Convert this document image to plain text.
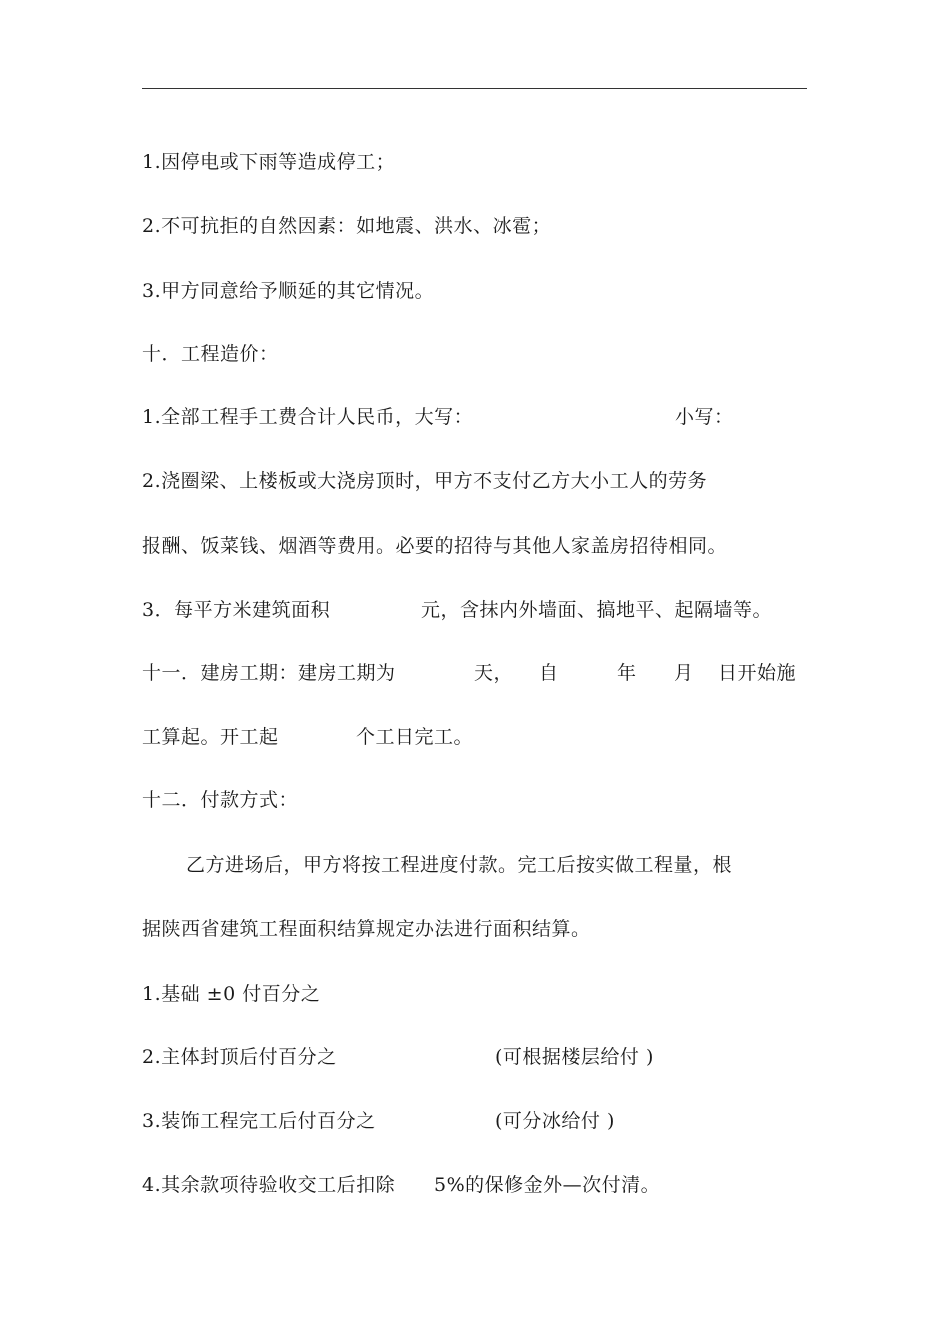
1.因停电或下雨等造成停工；
2.不可抗拒的自然因素：如地震、洪水、冰雹；
3.甲方同意给予顺延的其它情况。
十．工程造价：
1.全部工程手工费合计人民币，大写：	小写：
2.浇圈梁、上楼板或大浇房顶时，甲方不支付乙方大小工人的劳务
报酬、饭菜钱、烟酒等费用。必要的招待与其他人家盖房招待相同。
3．每平方米建筑面积	元，含抹内外墙面、搞地平、起隔墙等。
十一．建房工期：建房工期为	天， 自	年 月 日开始施
工算起。开工起	个工日完工。
十二．付款方式：
乙方进场后，甲方将按工程进度付款。完工后按实做工程量，根
据陕西省建筑工程面积结算规定办法进行面积结算。
1.基础 ±0 付百分之
2.主体封顶后付百分之	(可根据楼层给付 )
3.装饰工程完工后付百分之	(可分冰给付 )
4.其余款项待验收交工后扣除 5%的保修金外—次付清。
